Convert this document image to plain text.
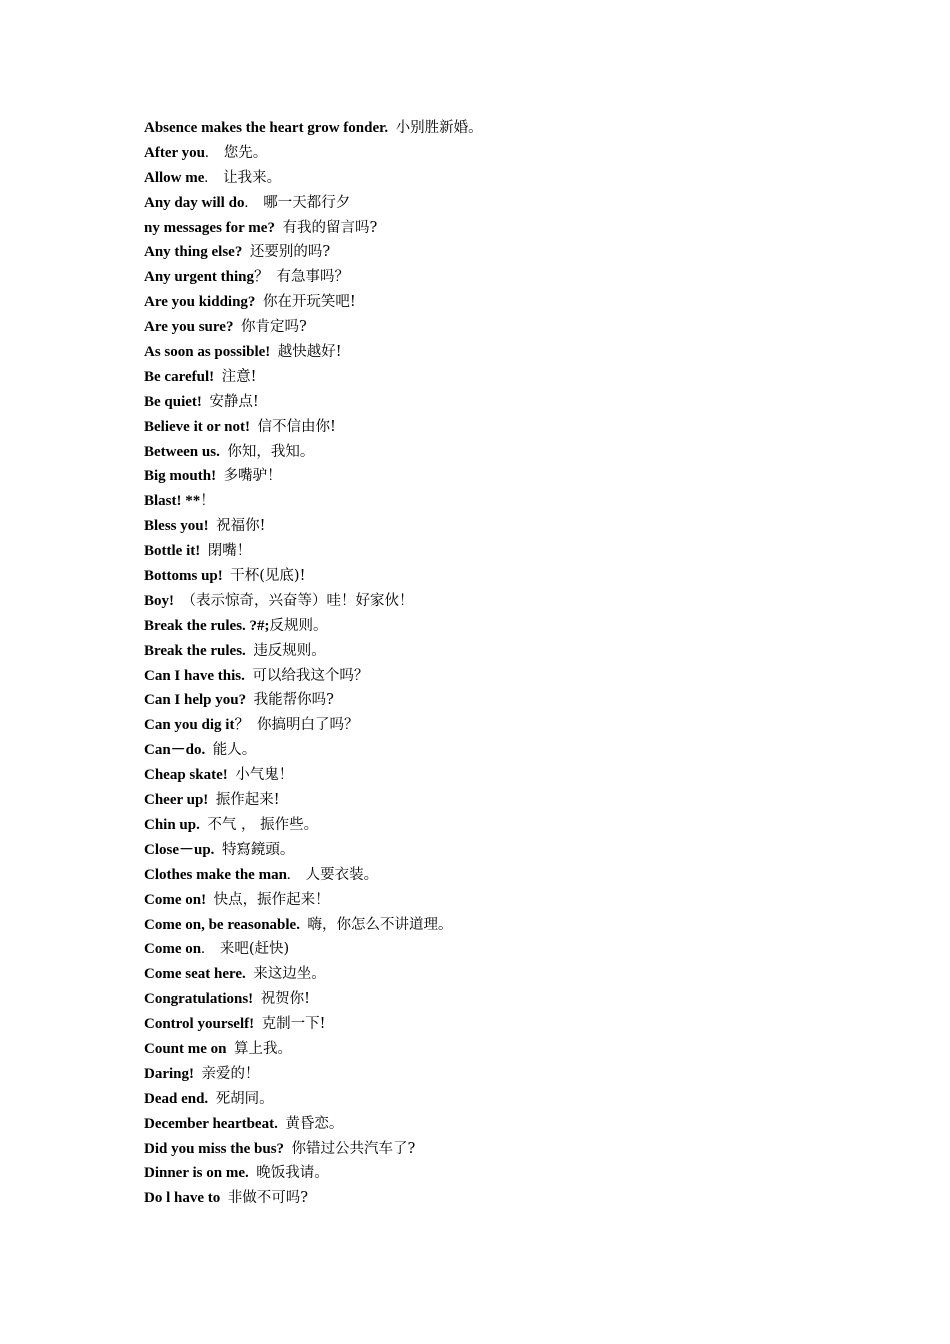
Absence makes the heart grow fonder. 小别胜新婚。
After you.    您先。
Allow me.    让我来。
Any day will do.    哪一天都行夕
ny messages for me? 有我的留言吗?
Any thing else? 还要别的吗?
Any urgent thing？  有急事吗？
Are you kidding? 你在开玩笑吧!
Are you sure? 你肯定吗?
As soon as possible! 越快越好!
Be careful! 注意!
Be quiet! 安静点!
Believe it or not! 信不信由你!
Between us. 你知，我知。
Big mouth! 多嘴驴！
Blast! **！
Bless you! 祝福你!
Bottle it! 閉嘴！
Bottoms up! 干杯(见底)!
Boy! （表示惊奇，兴奋等）哇！好家伙！
Break the rules. ?#;反规则。
Break the rules. 违反规则。
Can I have this. 可以给我这个吗？
Can I help you? 我能帮你吗?
Can you dig it？  你搞明白了吗？
Can－do. 能人。
Cheap skate! 小气鬼！
Cheer up! 振作起来!
Chin up. 不气 ， 振作些。
Close－up. 特寫鏡頭。
Clothes make the man.    人要衣装。
Come on! 快点，振作起来！
Come on, be reasonable. 嗨，你怎么不讲道理。
Come on.    来吧(赶快)
Come seat here. 来这边坐。
Congratulations! 祝贺你!
Control yourself! 克制一下!
Count me on 算上我。
Daring! 亲爱的！
Dead end. 死胡同。
December heartbeat. 黄昏恋。
Did you miss the bus? 你错过公共汽车了?
Dinner is on me. 晚饭我请。
Do l have to 非做不可吗?
